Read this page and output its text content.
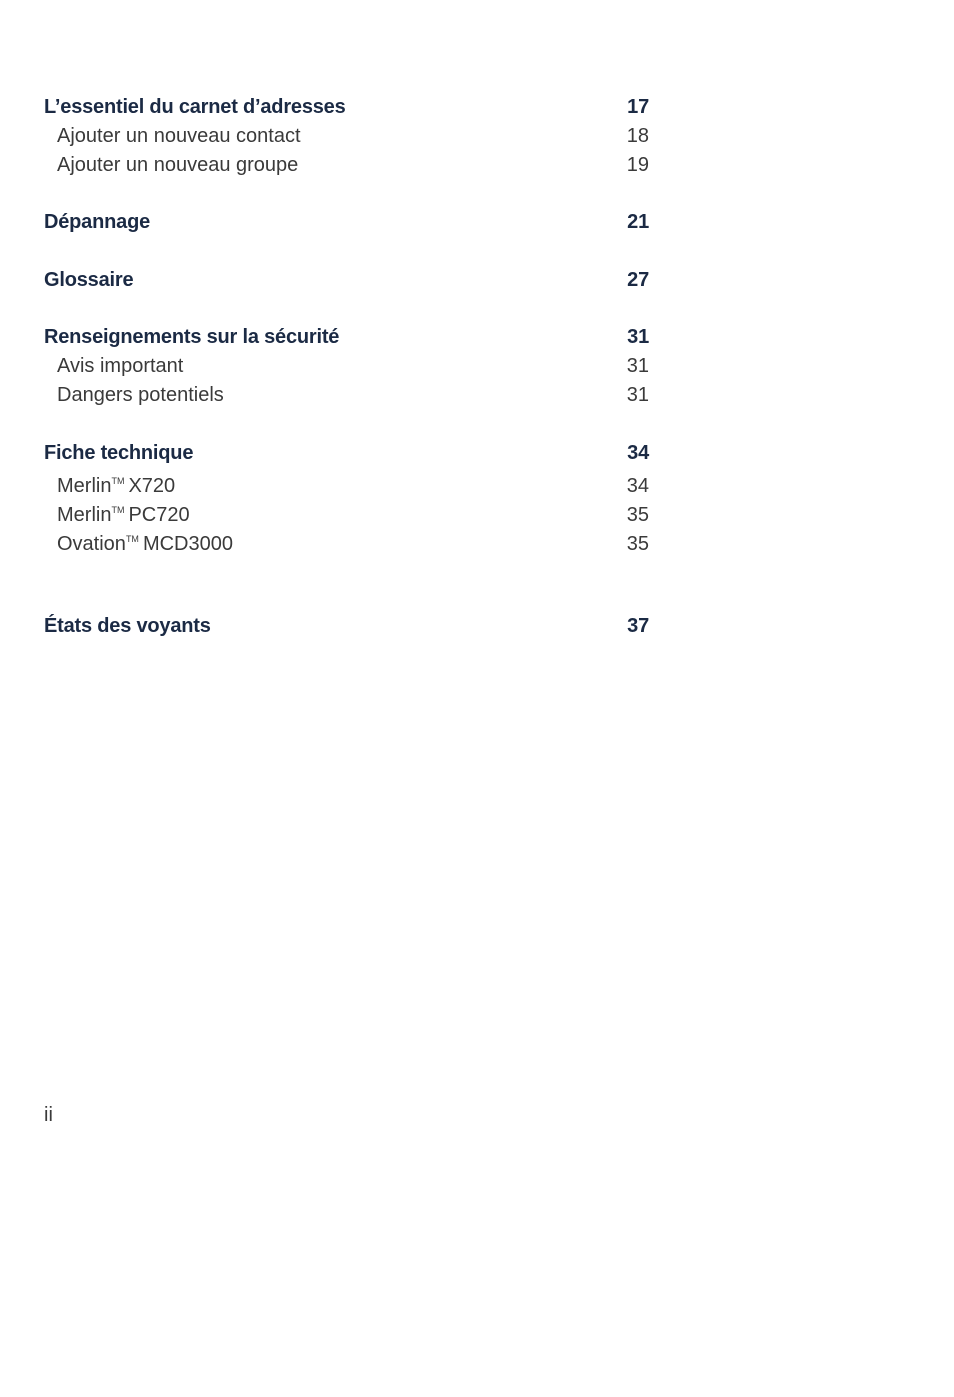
L’essentiel du carnet d’adresses	17
Ajouter un nouveau contact	18
Ajouter un nouveau groupe	19
Dépannage	21
Glossaire	27
Renseignements sur la sécurité	31
Avis important	31
Dangers potentiels	31
Fiche technique	34
Merlin™ X720	34
Merlin™ PC720	35
Ovation™ MCD3000	35
États des voyants	37
ii
